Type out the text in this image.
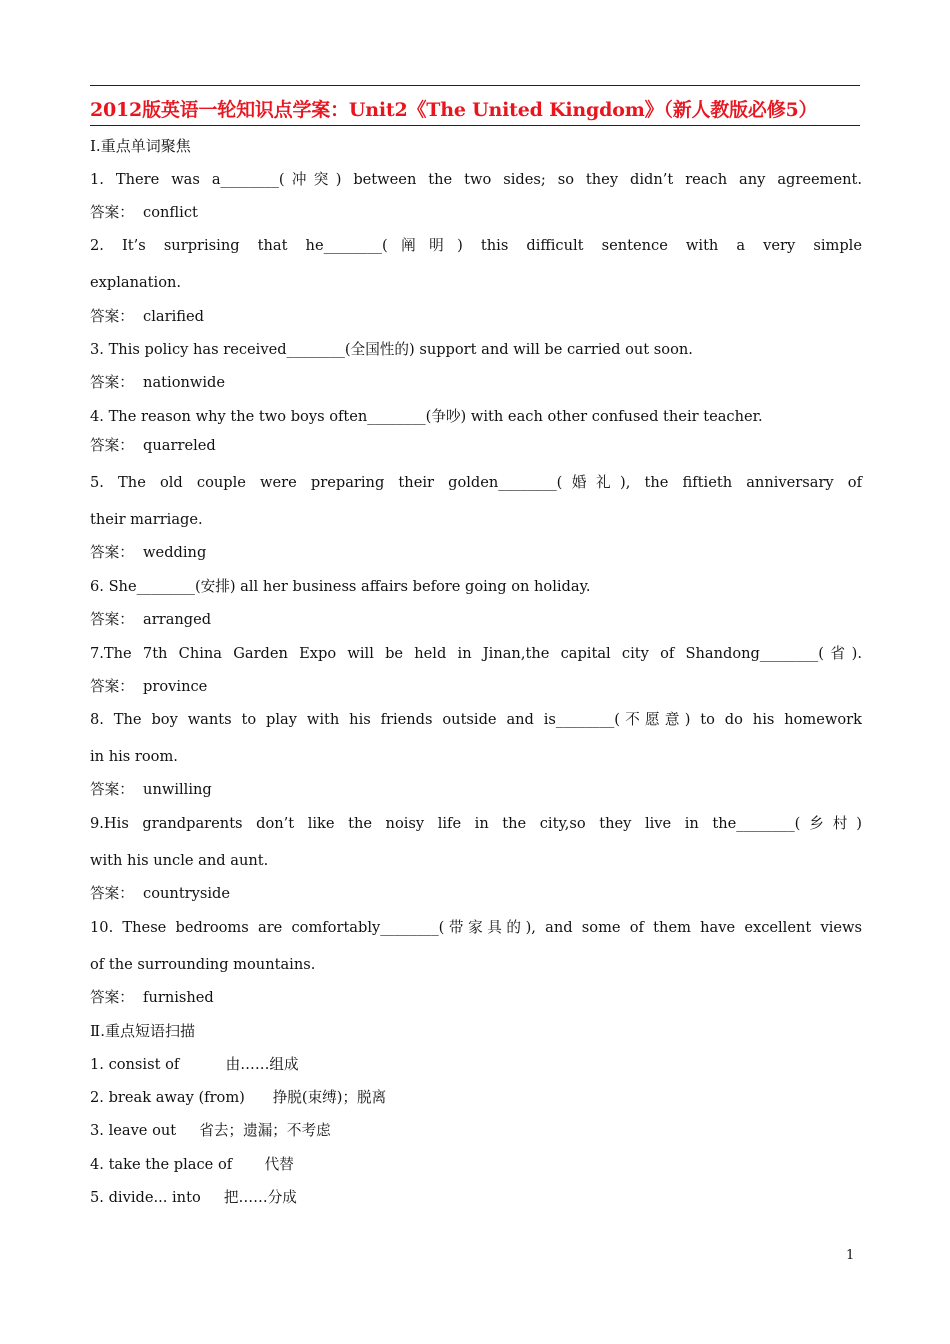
2012版英语一轮知识点学案：Unit2《The United Kingdom》（新人教版必修5）
Ⅰ.重点单词聚焦
1. There was a________(冲突) between the two sides; so they didn’t reach any agreement.
答案：  conflict
2. It’s surprising that he________(阐明) this difficult sentence with a very simple
explanation.
答案：  clarified
3. This policy has received________(全国性的) support and will be carried out soon.
答案：  nationwide
4. The reason why the two boys often________(争吵) with each other confused their teacher.
答案：  quarreled
5. The old couple were preparing their golden________(婚礼), the fiftieth anniversary of
their marriage.
答案：  wedding
6. She________(安排) all her business affairs before going on holiday.
答案：  arranged
7.The 7th China Garden Expo will be held in Jinan,the capital city of Shandong________(省).
答案：  province
8. The boy wants to play with his friends outside and is________(不愿意) to do his homework
in his room.
答案：  unwilling
9.His grandparents don’t like the noisy life in the city,so they live in the________(乡村)
with his uncle and aunt.
答案：  countryside
10. These bedrooms are comfortably________(带家具的), and some of them have excellent views
of the surrounding mountains.
答案：  furnished
Ⅱ.重点短语扫描
1. consist of          由……组成
2. break away (from)      挣脱(束缚)；脱离
3. leave out     省去；遗漏；不考虑
4. take the place of       代替
5. divide... into     把……分成
1
